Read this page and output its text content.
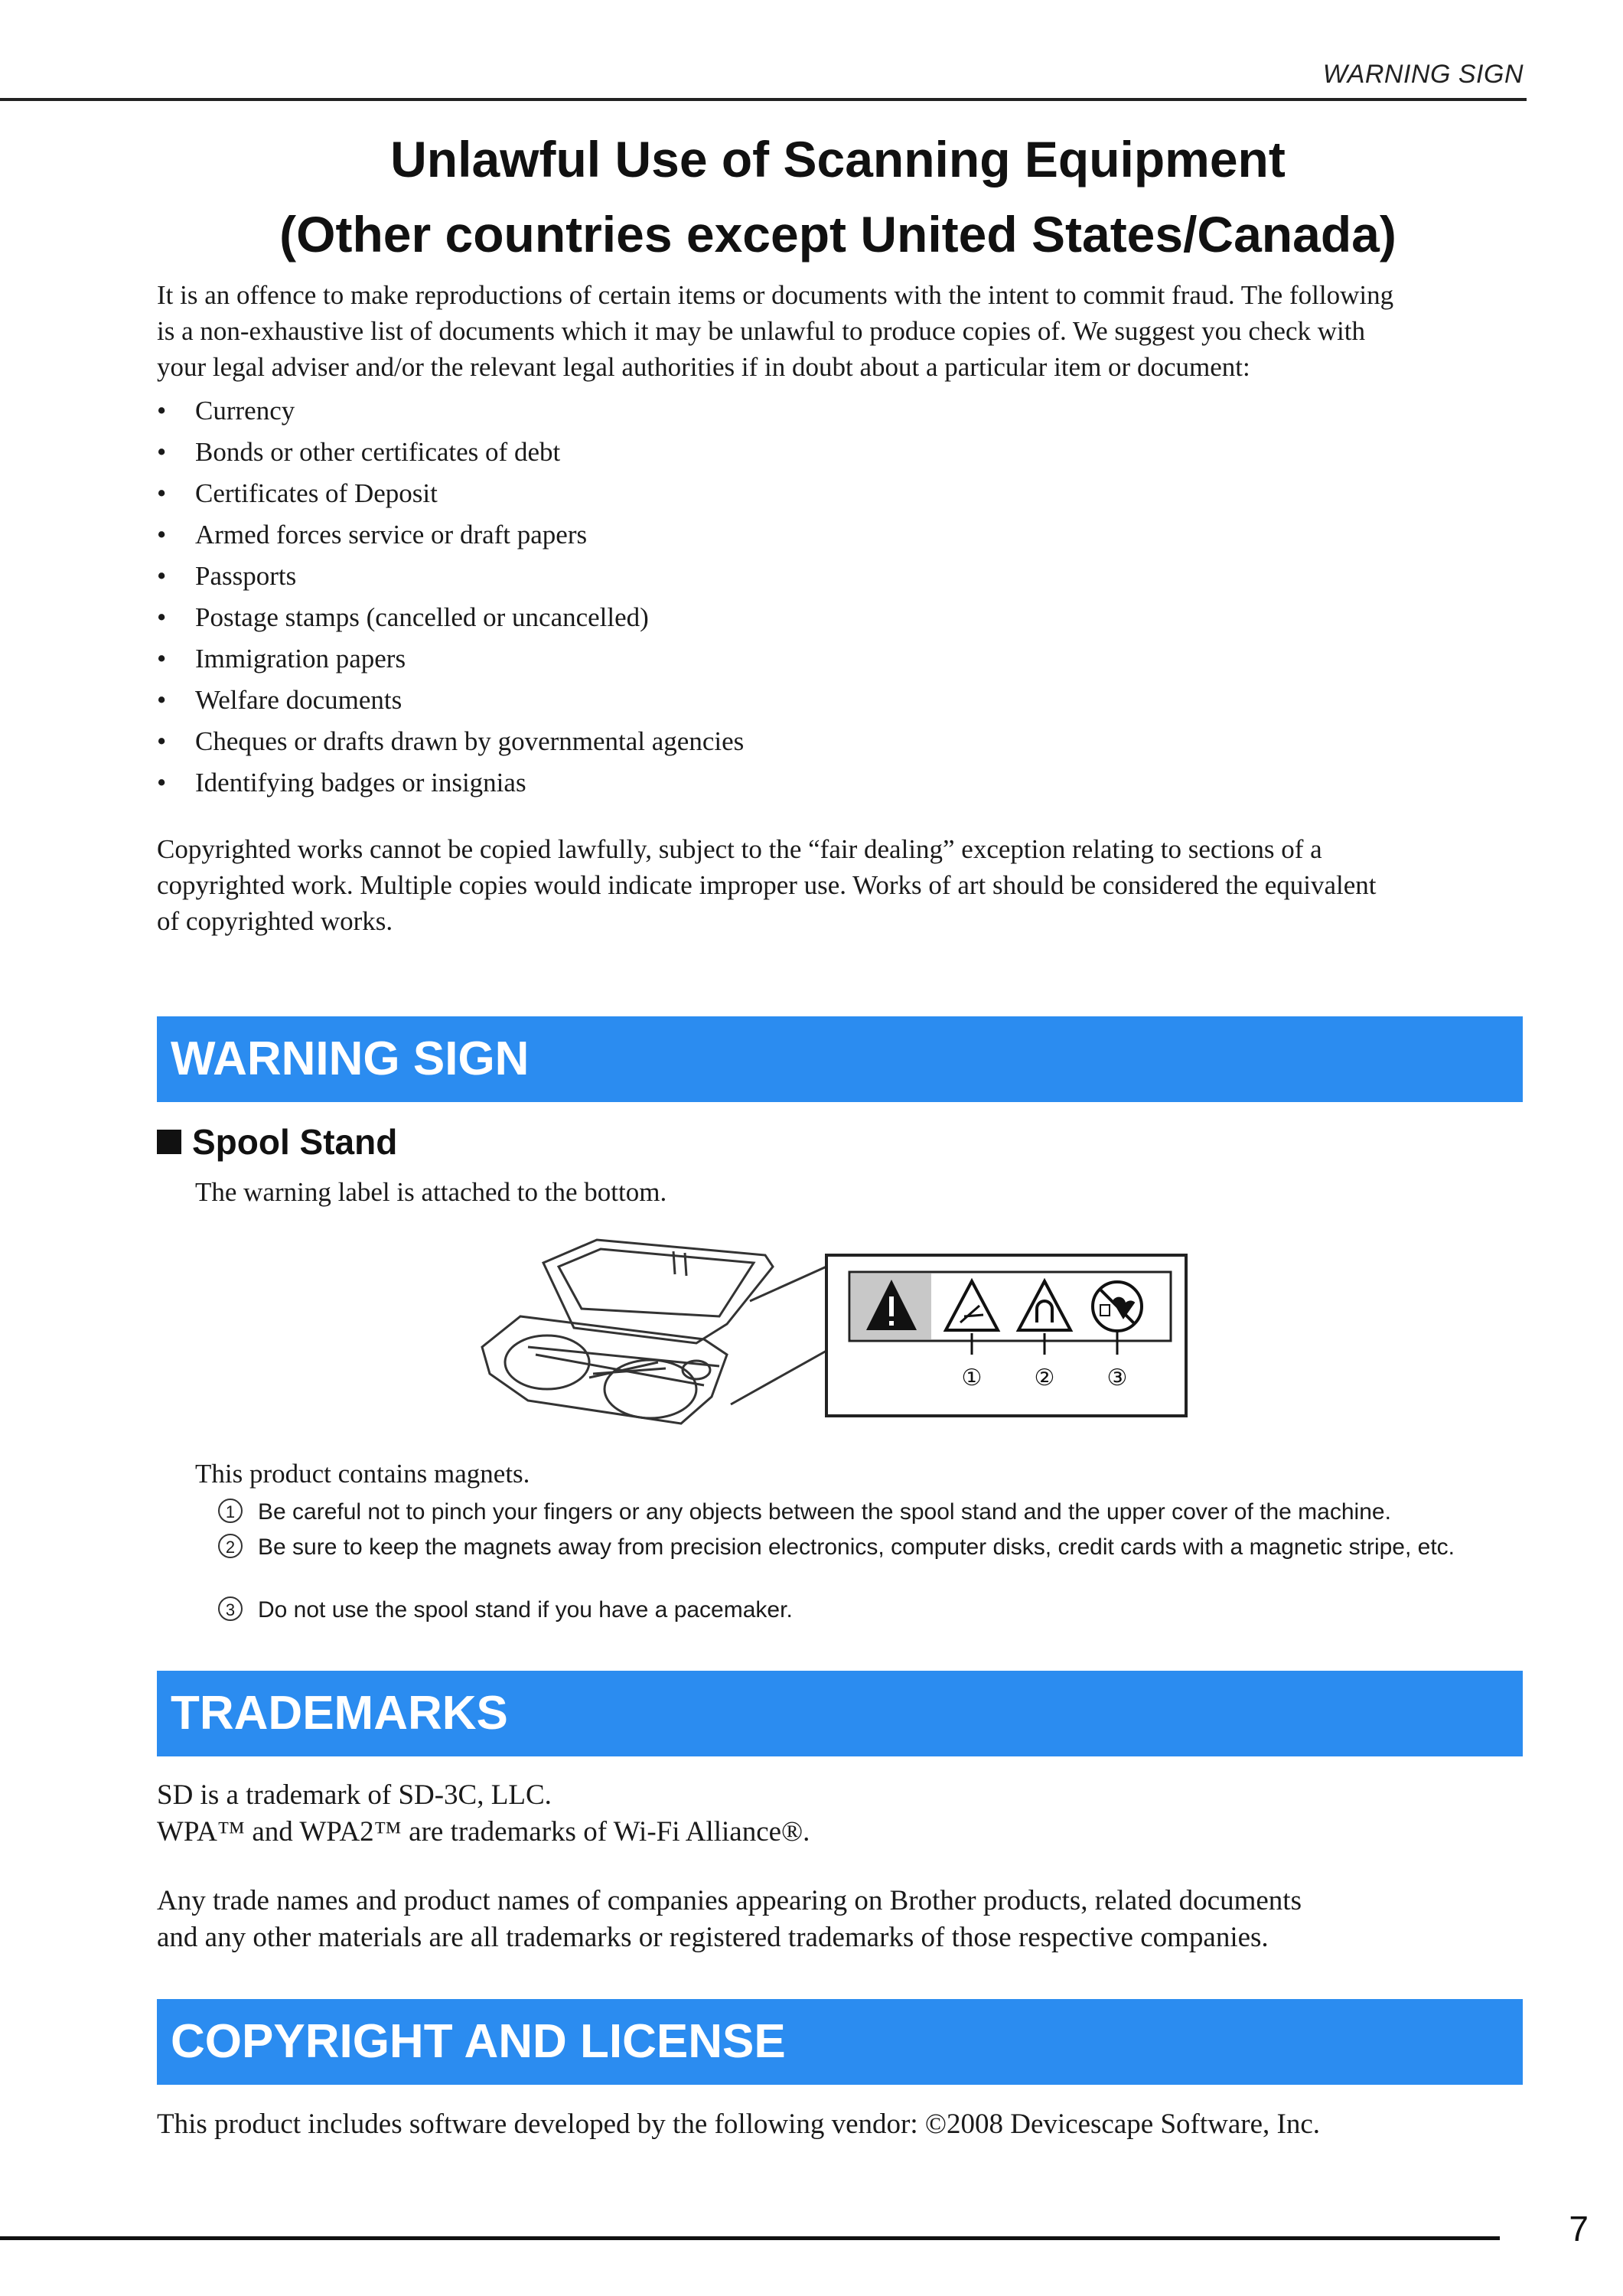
WARNING SIGN
Unlawful Use of Scanning Equipment
(Other countries except United States/Canada)
It is an offence to make reproductions of certain items or documents with the intent to commit fraud. The following
is a non-exhaustive list of documents which it may be unlawful to produce copies of. We suggest you check with
your legal adviser and/or the relevant legal authorities if in doubt about a particular item or document:
• Currency
• Bonds or other certificates of debt
• Certificates of Deposit
• Armed forces service or draft papers
• Passports
• Postage stamps (cancelled or uncancelled)
• Immigration papers
• Welfare documents
• Cheques or drafts drawn by governmental agencies
• Identifying badges or insignias
Copyrighted works cannot be copied lawfully, subject to the “fair dealing” exception relating to sections of a
copyrighted work. Multiple copies would indicate improper use. Works of art should be considered the equivalent
of copyrighted works.
WARNING SIGN
Spool Stand
The warning label is attached to the bottom.
① ② ③
This product contains magnets.
1 Be careful not to pinch your fingers or any objects between the spool stand and the upper cover of the machine.
2 Be sure to keep the magnets away from precision electronics, computer disks, credit cards with a magnetic stripe, etc.
3 Do not use the spool stand if you have a pacemaker.
TRADEMARKS
SD is a trademark of SD-3C, LLC.
WPA™ and WPA2™ are trademarks of Wi-Fi Alliance®.
Any trade names and product names of companies appearing on Brother products, related documents
and any other materials are all trademarks or registered trademarks of those respective companies.
COPYRIGHT AND LICENSE
This product includes software developed by the following vendor: ©2008 Devicescape Software, Inc.
7
